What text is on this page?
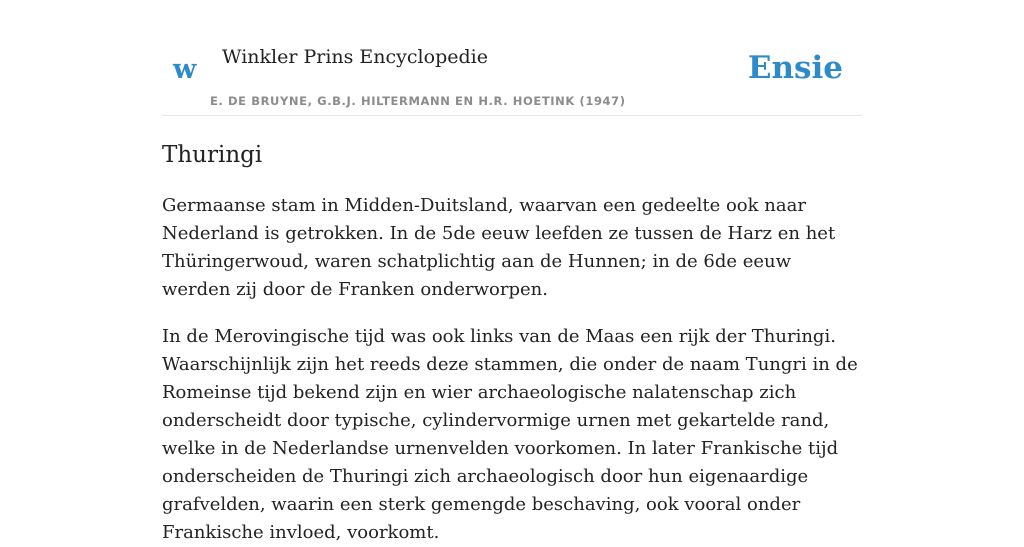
w Winkler Prins Encyclopedie
E. DE BRUYNE, G.B.J. HILTERMANN EN H.R. HOETINK (1947)
Ensie
Thuringi

Germaanse stam in Midden-Duitsland, waarvan een gedeelte ook naar Nederland is getrokken. In de 5de eeuw leefden ze tussen de Harz en het Thüringerwoud, waren schatplichtig aan de Hunnen; in de 6de eeuw werden zij door de Franken onderworpen.

In de Merovingische tijd was ook links van de Maas een rijk der Thuringi. Waarschijnlijk zijn het reeds deze stammen, die onder de naam Tungri in de Romeinse tijd bekend zijn en wier archaeologische nalatenschap zich onderscheidt door typische, cylindervormige urnen met gekartelde rand, welke in de Nederlandse urnenvelden voorkomen. In later Frankische tijd onderscheiden de Thuringi zich archaeologisch door hun eigenaardige grafvelden, waarin een sterk gemengde beschaving, ook vooral onder Frankische invloed, voorkomt.
